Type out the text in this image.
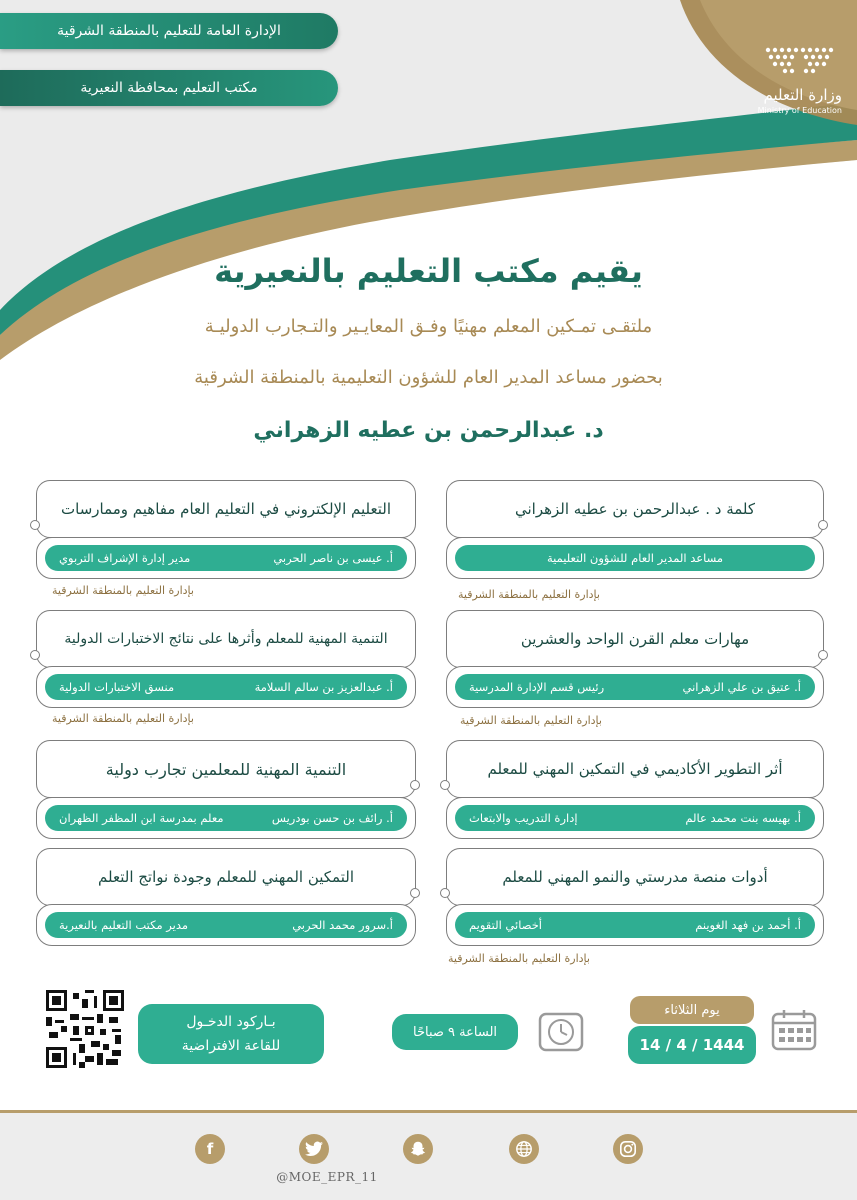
الإدارة العامة للتعليم بالمنطقة الشرقية
مكتب التعليم بمحافظة النعيرية	وزارة التعليم
Ministry of Education
يقيم مكتب التعليم بالنعيرية
ملتقـى تمـكين المعلم مهنيًا وفـق المعايـير والتـجارب الدوليـة
بحضور مساعد المدير العام للشؤون التعليمية بالمنطقة الشرقية
د. عبدالرحمن بن عطيه الزهراني
كلمة د . عبدالرحمن بن عطيه الزهراني
مساعد المدير العام للشؤون التعليمية
بإدارة التعليم بالمنطقة الشرقية
مهارات معلم القرن الواحد والعشرين
أ. عتيق بن علي الزهراني
رئيس قسم الإدارة المدرسية
بإدارة التعليم بالمنطقة الشرقية
أثر التطوير الأكاديمي في التمكين المهني للمعلم
أ. بهيسه بنت محمد عالم
إدارة التدريب والابتعاث
أدوات منصة مدرستي والنمو المهني للمعلم
أ. أحمد بن فهد الغوينم
أخصائي التقويم
بإدارة التعليم بالمنطقة الشرقية
التعليم الإلكتروني في التعليم العام مفاهيم وممارسات
أ. عيسى بن ناصر الحربي
مدير إدارة الإشراف التربوي
بإدارة التعليم بالمنطقة الشرقية
التنمية المهنية للمعلم وأثرها على نتائج الاختبارات الدولية
أ. عبدالعزيز بن سالم السلامة
منسق الاختبارات الدولية
بإدارة التعليم بالمنطقة الشرقية
التنمية المهنية للمعلمين تجارب دولية
أ. رائف بن حسن بودريس
معلم بمدرسة ابن المظفر الظهران
التمكين المهني للمعلم وجودة نواتج التعلم
أ.سرور محمد الحربي
مدير مكتب التعليم بالنعيرية
يوم الثلاثاء
1444 / 4 / 14
الساعة ٩ صباحًا
بـاركود الدخـول
للقاعة الافتراضية
f
@MOE_EPR_11
